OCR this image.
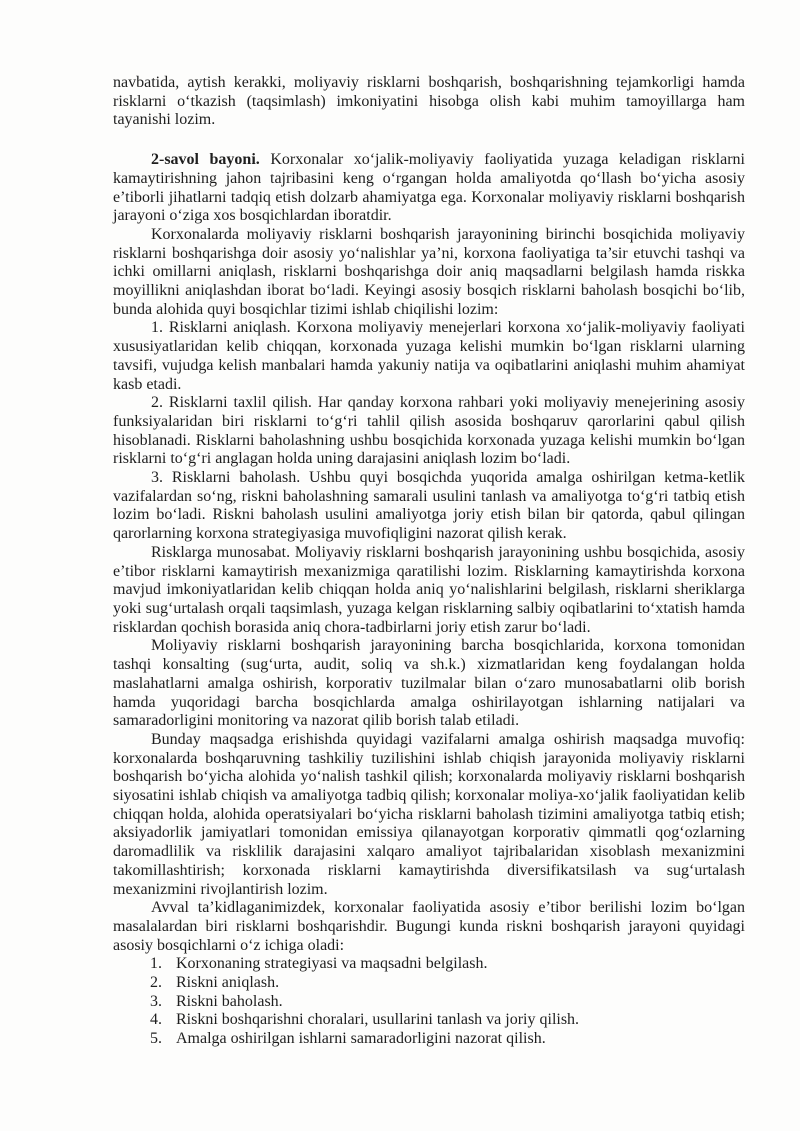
navbatida, aytish kerakki, moliyaviy risklarni boshqarish, boshqarishning tejamkorligi hamda risklarni o‘tkazish (taqsimlash) imkoniyatini hisobga olish kabi muhim tamoyillarga ham tayanishi lozim.

2-savol bayoni. Korxonalar xo‘jalik-moliyaviy faoliyatida yuzaga keladigan risklarni kamaytirishning jahon tajribasini keng o‘rgangan holda amaliyotda qo‘llash bo‘yicha asosiy e’tiborli jihatlarni tadqiq etish dolzarb ahamiyatga ega. Korxonalar moliyaviy risklarni boshqarish jarayoni o‘ziga xos bosqichlardan iboratdir.

Korxonalarda moliyaviy risklarni boshqarish jarayonining birinchi bosqichida moliyaviy risklarni boshqarishga doir asosiy yo‘nalishlar ya’ni, korxona faoliyatiga ta’sir etuvchi tashqi va ichki omillarni aniqlash, risklarni boshqarishga doir aniq maqsadlarni belgilash hamda riskka moyillikni aniqlashdan iborat bo‘ladi. Keyingi asosiy bosqich risklarni baholash bosqichi bo‘lib, bunda alohida quyi bosqichlar tizimi ishlab chiqilishi lozim:

1. Risklarni aniqlash. Korxona moliyaviy menejerlari korxona xo‘jalik-moliyaviy faoliyati xususiyatlaridan kelib chiqqan, korxonada yuzaga kelishi mumkin bo‘lgan risklarni ularning tavsifi, vujudga kelish manbalari hamda yakuniy natija va oqibatlarini aniqlashi muhim ahamiyat kasb etadi.

2. Risklarni taxlil qilish. Har qanday korxona rahbari yoki moliyaviy menejerining asosiy funksiyalaridan biri risklarni to‘g‘ri tahlil qilish asosida boshqaruv qarorlarini qabul qilish hisoblanadi. Risklarni baholashning ushbu bosqichida korxonada yuzaga kelishi mumkin bo‘lgan risklarni to‘g‘ri anglagan holda uning darajasini aniqlash lozim bo‘ladi.

3. Risklarni baholash. Ushbu quyi bosqichda yuqorida amalga oshirilgan ketma-ketlik vazifalardan so‘ng, riskni baholashning samarali usulini tanlash va amaliyotga to‘g‘ri tatbiq etish lozim bo‘ladi. Riskni baholash usulini amaliyotga joriy etish bilan bir qatorda, qabul qilingan qarorlarning korxona strategiyasiga muvofiqligini nazorat qilish kerak.

Risklarga munosabat. Moliyaviy risklarni boshqarish jarayonining ushbu bosqichida, asosiy e’tibor risklarni kamaytirish mexanizmiga qaratilishi lozim. Risklarning kamaytirishda korxona mavjud imkoniyatlaridan kelib chiqqan holda aniq yo‘nalishlarini belgilash, risklarni sheriklarga yoki sug‘urtalash orqali taqsimlash, yuzaga kelgan risklarning salbiy oqibatlarini to‘xtatish hamda risklardan qochish borasida aniq chora-tadbirlarni joriy etish zarur bo‘ladi.

Moliyaviy risklarni boshqarish jarayonining barcha bosqichlarida, korxona tomonidan tashqi konsalting (sug‘urta, audit, soliq va sh.k.) xizmatlaridan keng foydalangan holda maslahatlarni amalga oshirish, korporativ tuzilmalar bilan o‘zaro munosabatlarni olib borish hamda yuqoridagi barcha bosqichlarda amalga oshirilayotgan ishlarning natijalari va samaradorligini monitoring va nazorat qilib borish talab etiladi.

Bunday maqsadga erishishda quyidagi vazifalarni amalga oshirish maqsadga muvofiq: korxonalarda boshqaruvning tashkiliy tuzilishini ishlab chiqish jarayonida moliyaviy risklarni boshqarish bo‘yicha alohida yo‘nalish tashkil qilish; korxonalarda moliyaviy risklarni boshqarish siyosatini ishlab chiqish va amaliyotga tadbiq qilish; korxonalar moliya-xo‘jalik faoliyatidan kelib chiqqan holda, alohida operatsiyalari bo‘yicha risklarni baholash tizimini amaliyotga tatbiq etish; aksiyadorlik jamiyatlari tomonidan emissiya qilanayotgan korporativ qimmatli qog‘ozlarning daromadlilik va risklilik darajasini xalqaro amaliyot tajribalaridan xisoblash mexanizmini takomillashtirish; korxonada risklarni kamaytirishda diversifikatsilash va sug‘urtalash mexanizmini rivojlantirish lozim.

Avval ta’kidlaganimizdek, korxonalar faoliyatida asosiy e’tibor berilishi lozim bo‘lgan masalalardan biri risklarni boshqarishdir. Bugungi kunda riskni boshqarish jarayoni quyidagi asosiy bosqichlarni o‘z ichiga oladi:

1. Korxonaning strategiyasi va maqsadni belgilash.
2. Riskni aniqlash.
3. Riskni baholash.
4. Riskni boshqarishni choralari, usullarini tanlash va joriy qilish.
5. Amalga oshirilgan ishlarni samaradorligini nazorat qilish.
